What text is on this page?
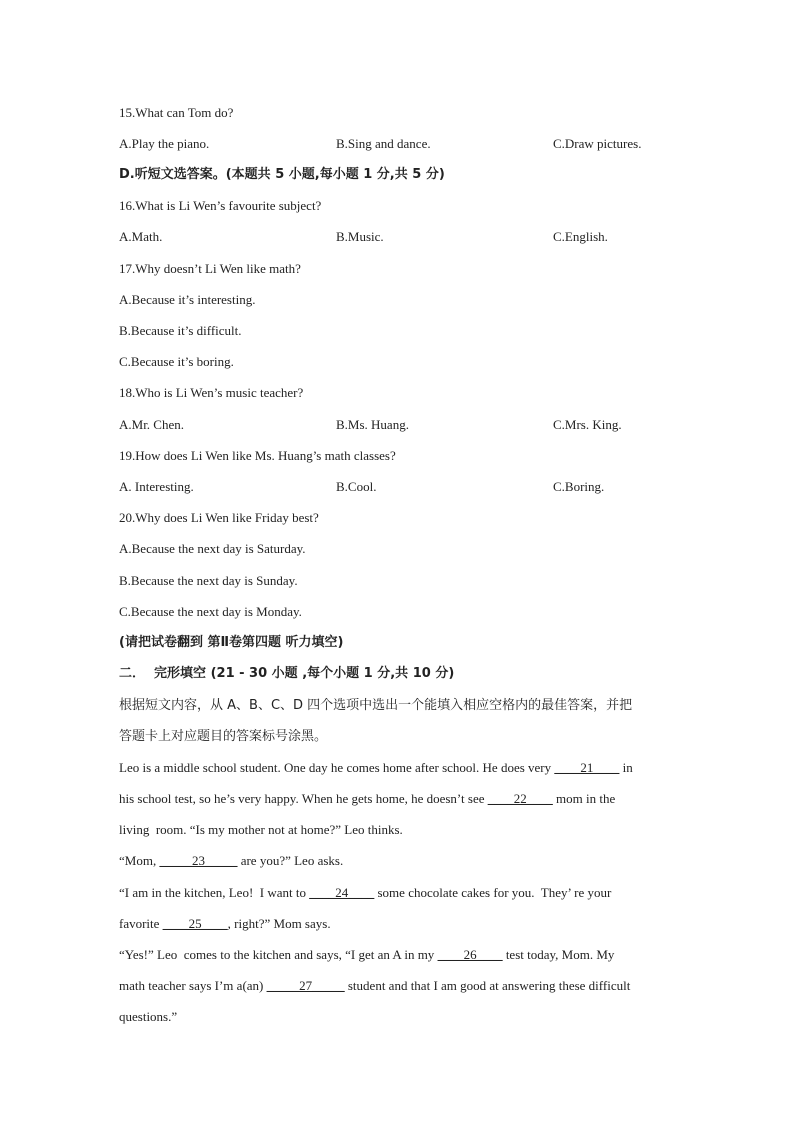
15.What can Tom do?
A.Play the piano.	B.Sing and dance.	C.Draw pictures.
D.听短文选答案。(本题共 5 小题,每小题 1 分,共 5 分)
16.What is Li Wen’s favourite subject?
A.Math.	B.Music.	C.English.
17.Why doesn’t Li Wen like math?
A.Because it’s interesting.
B.Because it’s difficult.
C.Because it’s boring.
18.Who is Li Wen’s music teacher?
A.Mr. Chen.	B.Ms. Huang.	C.Mrs. King.
19.How does Li Wen like Ms. Huang’s math classes?
A. Interesting.	B.Cool.	C.Boring.
20.Why does Li Wen like Friday best?
A.Because the next day is Saturday.
B.Because the next day is Sunday.
C.Because the next day is Monday.
(请把试卷翻到 第Ⅱ卷第四题 听力填空)
二．  完形填空 (21 - 30 小题 ,每个小题 1 分,共 10 分)
根据短文内容，从 A、B、C、D 四个选项中选出一个能填入相应空格内的最佳答案，并把
答题卡上对应题目的答案标号涂黑。
Leo is a middle school student. One day he comes home after school. He does very ____21____ in
his school test, so he’s very happy. When he gets home, he doesn’t see ____22____ mom in the
living  room. “Is my mother not at home?” Leo thinks.
“Mom, _____23_____ are you?” Leo asks.
“I am in the kitchen, Leo!  I want to ____24____ some chocolate cakes for you.  They’ re your
favorite ____25____, right?” Mom says.
“Yes!” Leo  comes to the kitchen and says, “I get an A in my ____26____ test today, Mom. My
math teacher says I’m a(an) _____27_____ student and that I am good at answering these difficult
questions.”
